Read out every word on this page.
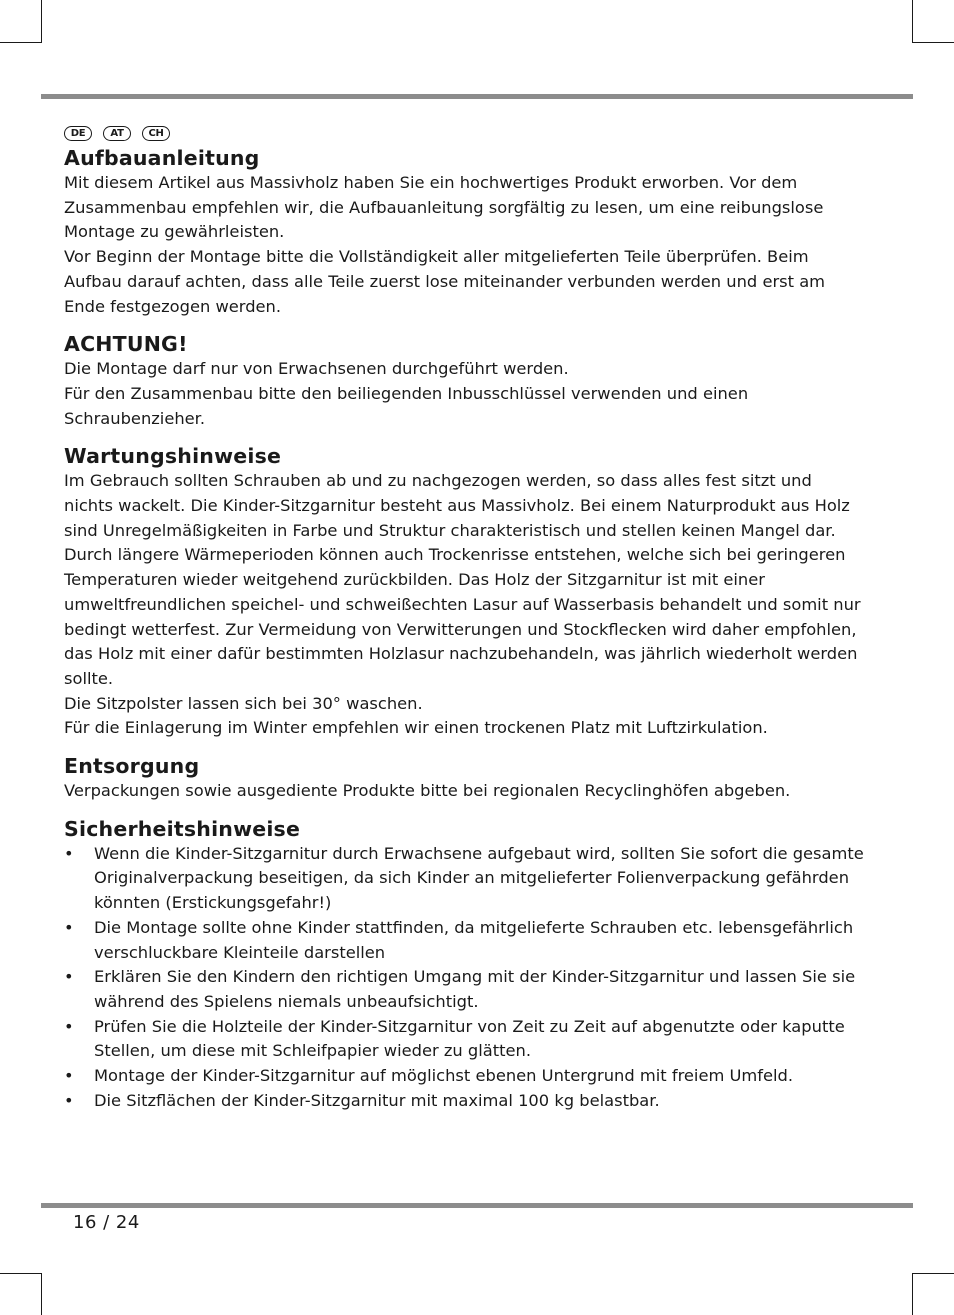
DE	AT	CH
Aufbauanleitung

Mit diesem Artikel aus Massivholz haben Sie ein hochwertiges Produkt erworben. Vor dem Zusammenbau empfehlen wir, die Aufbauanleitung sorgfältig zu lesen, um eine reibungslose Montage zu gewährleisten.

Vor Beginn der Montage bitte die Vollständigkeit aller mitgelieferten Teile überprüfen. Beim Aufbau darauf achten, dass alle Teile zuerst lose miteinander verbunden werden und erst am Ende festgezogen werden.

ACHTUNG!

Die Montage darf nur von Erwachsenen durchgeführt werden.

Für den Zusammenbau bitte den beiliegenden Inbusschlüssel verwenden und einen Schraubenzieher.

Wartungshinweise

Im Gebrauch sollten Schrauben ab und zu nachgezogen werden, so dass alles fest sitzt und nichts wackelt. Die Kinder-Sitzgarnitur besteht aus Massivholz. Bei einem Naturprodukt aus Holz sind Unregelmäßigkeiten in Farbe und Struktur charakteristisch und stellen keinen Mangel dar. Durch längere Wärmeperioden können auch Trockenrisse entstehen, welche sich bei geringeren Temperaturen wieder weitgehend zurückbilden. Das Holz der Sitzgarnitur ist mit einer umweltfreundlichen speichel- und schweißechten Lasur auf Wasserbasis behandelt und somit nur bedingt wetterfest. Zur Vermeidung von Verwitterungen und Stockflecken wird daher empfohlen, das Holz mit einer dafür bestimmten Holzlasur nachzubehandeln, was jährlich wiederholt werden sollte.

Die Sitzpolster lassen sich bei 30° waschen.

Für die Einlagerung im Winter empfehlen wir einen trockenen Platz mit Luftzirkulation.

Entsorgung

Verpackungen sowie ausgediente Produkte bitte bei regionalen Recyclinghöfen abgeben.

Sicherheitshinweise
• Wenn die Kinder-Sitzgarnitur durch Erwachsene aufgebaut wird, sollten Sie sofort die gesamte Originalverpackung beseitigen, da sich Kinder an mitgelieferter Folienverpackung gefährden könnten (Erstickungsgefahr!)
• Die Montage sollte ohne Kinder stattfinden, da mitgelieferte Schrauben etc. lebensgefährlich verschluckbare Kleinteile darstellen
• Erklären Sie den Kindern den richtigen Umgang mit der Kinder-Sitzgarnitur und lassen Sie sie während des Spielens niemals unbeaufsichtigt.
• Prüfen Sie die Holzteile der Kinder-Sitzgarnitur von Zeit zu Zeit auf abgenutzte oder kaputte Stellen, um diese mit Schleifpapier wieder zu glätten.
• Montage der Kinder-Sitzgarnitur auf möglichst ebenen Untergrund mit freiem Umfeld.
• Die Sitzflächen der Kinder-Sitzgarnitur mit maximal 100 kg belastbar.
16 / 24
